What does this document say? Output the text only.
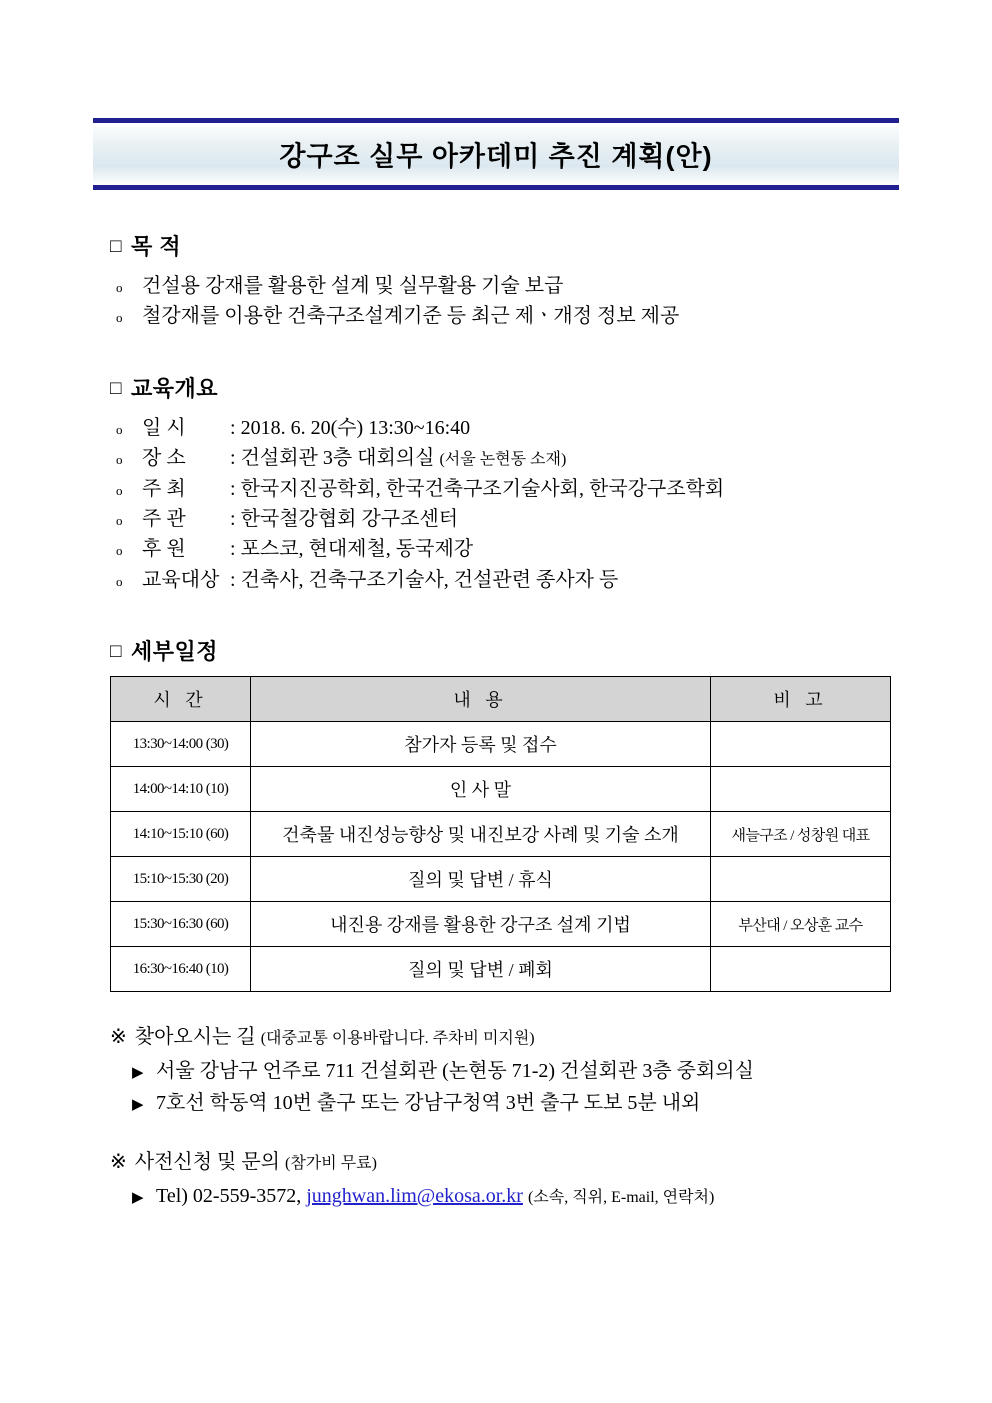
강구조 실무 아카데미 추진 계획(안)
□ 목 적
o 건설용 강재를 활용한 설계 및 실무활용 기술 보급
o 철강재를 이용한 건축구조설계기준 등 최근 제ㆍ개정 정보 제공
□ 교육개요
o 일 시 : 2018. 6. 20(수) 13:30~16:40
o 장 소 : 건설회관 3층 대회의실 (서울 논현동 소재)
o 주 최 : 한국지진공학회, 한국건축구조기술사회, 한국강구조학회
o 주 관 : 한국철강협회 강구조센터
o 후 원 : 포스코, 현대제철, 동국제강
o 교육대상 : 건축사, 건축구조기술사, 건설관련 종사자 등
□ 세부일정
시 간	내 용	비 고
13:30~14:00 (30)	참가자 등록 및 접수	
14:00~14:10 (10)	인 사 말	
14:10~15:10 (60)	건축물 내진성능향상 및 내진보강 사례 및 기술 소개	새늘구조 / 성창원 대표
15:10~15:30 (20)	질의 및 답변 / 휴식	
15:30~16:30 (60)	내진용 강재를 활용한 강구조 설계 기법	부산대 / 오상훈 교수
16:30~16:40 (10)	질의 및 답변 / 폐회	
※ 찾아오시는 길 (대중교통 이용바랍니다. 주차비 미지원)
▶ 서울 강남구 언주로 711 건설회관 (논현동 71-2) 건설회관 3층 중회의실
▶ 7호선 학동역 10번 출구 또는 강남구청역 3번 출구 도보 5분 내외
※ 사전신청 및 문의 (참가비 무료)
▶ Tel) 02-559-3572, junghwan.lim@ekosa.or.kr (소속, 직위, E-mail, 연락처)
